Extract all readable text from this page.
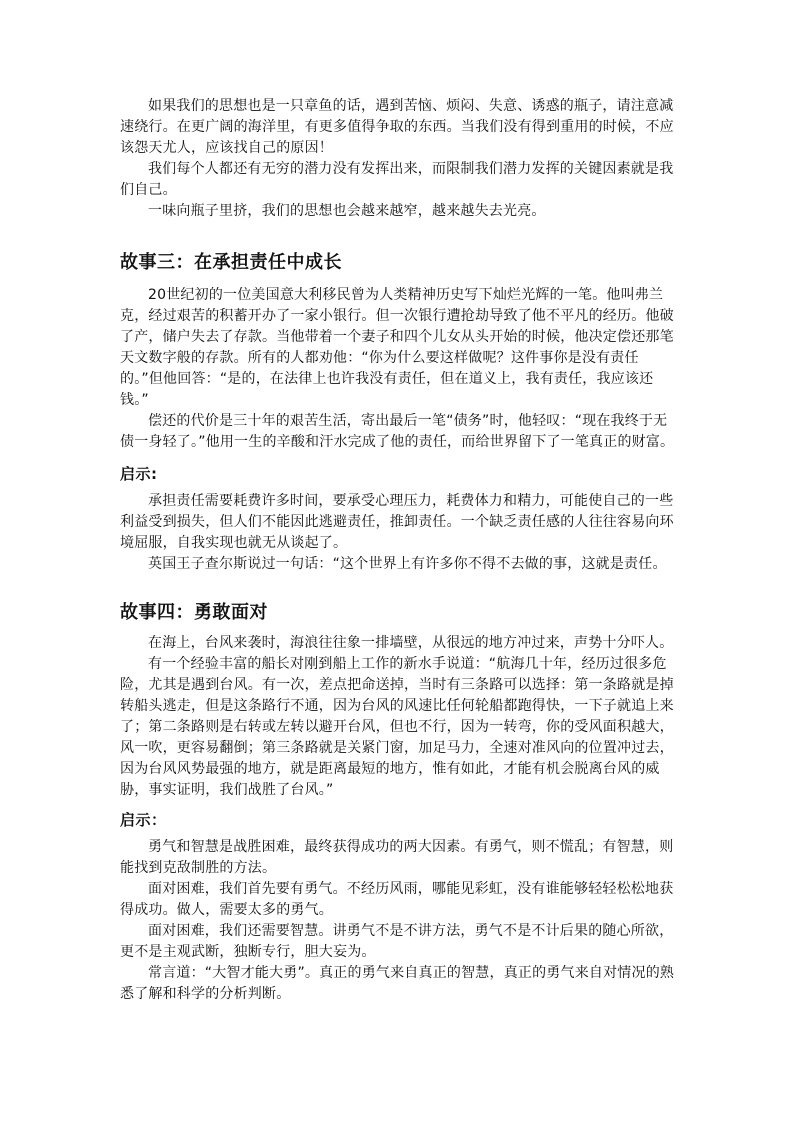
如果我们的思想也是一只章鱼的话，遇到苦恼、烦闷、失意、诱惑的瓶子，请注意减速绕行。在更广阔的海洋里，有更多值得争取的东西。当我们没有得到重用的时候，不应该怨天尤人，应该找自己的原因！

我们每个人都还有无穷的潜力没有发挥出来，而限制我们潜力发挥的关键因素就是我们自己。

一味向瓶子里挤，我们的思想也会越来越窄，越来越失去光亮。

故事三：在承担责任中成长

20世纪初的一位美国意大利移民曾为人类精神历史写下灿烂光辉的一笔。他叫弗兰克，经过艰苦的积蓄开办了一家小银行。但一次银行遭抢劫导致了他不平凡的经历。他破了产，储户失去了存款。当他带着一个妻子和四个儿女从头开始的时候，他决定偿还那笔天文数字般的存款。所有的人都劝他：“你为什么要这样做呢？这件事你是没有责任的。”但他回答：“是的，在法律上也许我没有责任，但在道义上，我有责任，我应该还钱。”

偿还的代价是三十年的艰苦生活，寄出最后一笔“债务”时，他轻叹：“现在我终于无债一身轻了。”他用一生的辛酸和汗水完成了他的责任，而给世界留下了一笔真正的财富。

启示:

承担责任需要耗费许多时间，要承受心理压力，耗费体力和精力，可能使自己的一些利益受到损失，但人们不能因此逃避责任，推卸责任。一个缺乏责任感的人往往容易向环境屈服，自我实现也就无从谈起了。

英国王子查尔斯说过一句话：“这个世界上有许多你不得不去做的事，这就是责任。

故事四：勇敢面对

在海上，台风来袭时，海浪往往象一排墙壁，从很远的地方冲过来，声势十分吓人。

有一个经验丰富的船长对刚到船上工作的新水手说道：“航海几十年，经历过很多危险，尤其是遇到台风。有一次，差点把命送掉，当时有三条路可以选择：第一条路就是掉转船头逃走，但是这条路行不通，因为台风的风速比任何轮船都跑得快，一下子就追上来了；第二条路则是右转或左转以避开台风，但也不行，因为一转弯，你的受风面积越大，风一吹，更容易翻倒；第三条路就是关紧门窗，加足马力，全速对准风向的位置冲过去，因为台风风势最强的地方，就是距离最短的地方，惟有如此，才能有机会脱离台风的威胁，事实证明，我们战胜了台风。”

启示：

勇气和智慧是战胜困难，最终获得成功的两大因素。有勇气，则不慌乱；有智慧，则能找到克敌制胜的方法。

面对困难，我们首先要有勇气。不经历风雨，哪能见彩虹，没有谁能够轻轻松松地获得成功。做人，需要太多的勇气。

面对困难，我们还需要智慧。讲勇气不是不讲方法，勇气不是不计后果的随心所欲，更不是主观武断，独断专行，胆大妄为。

常言道：“大智才能大勇”。真正的勇气来自真正的智慧，真正的勇气来自对情况的熟悉了解和科学的分析判断。
